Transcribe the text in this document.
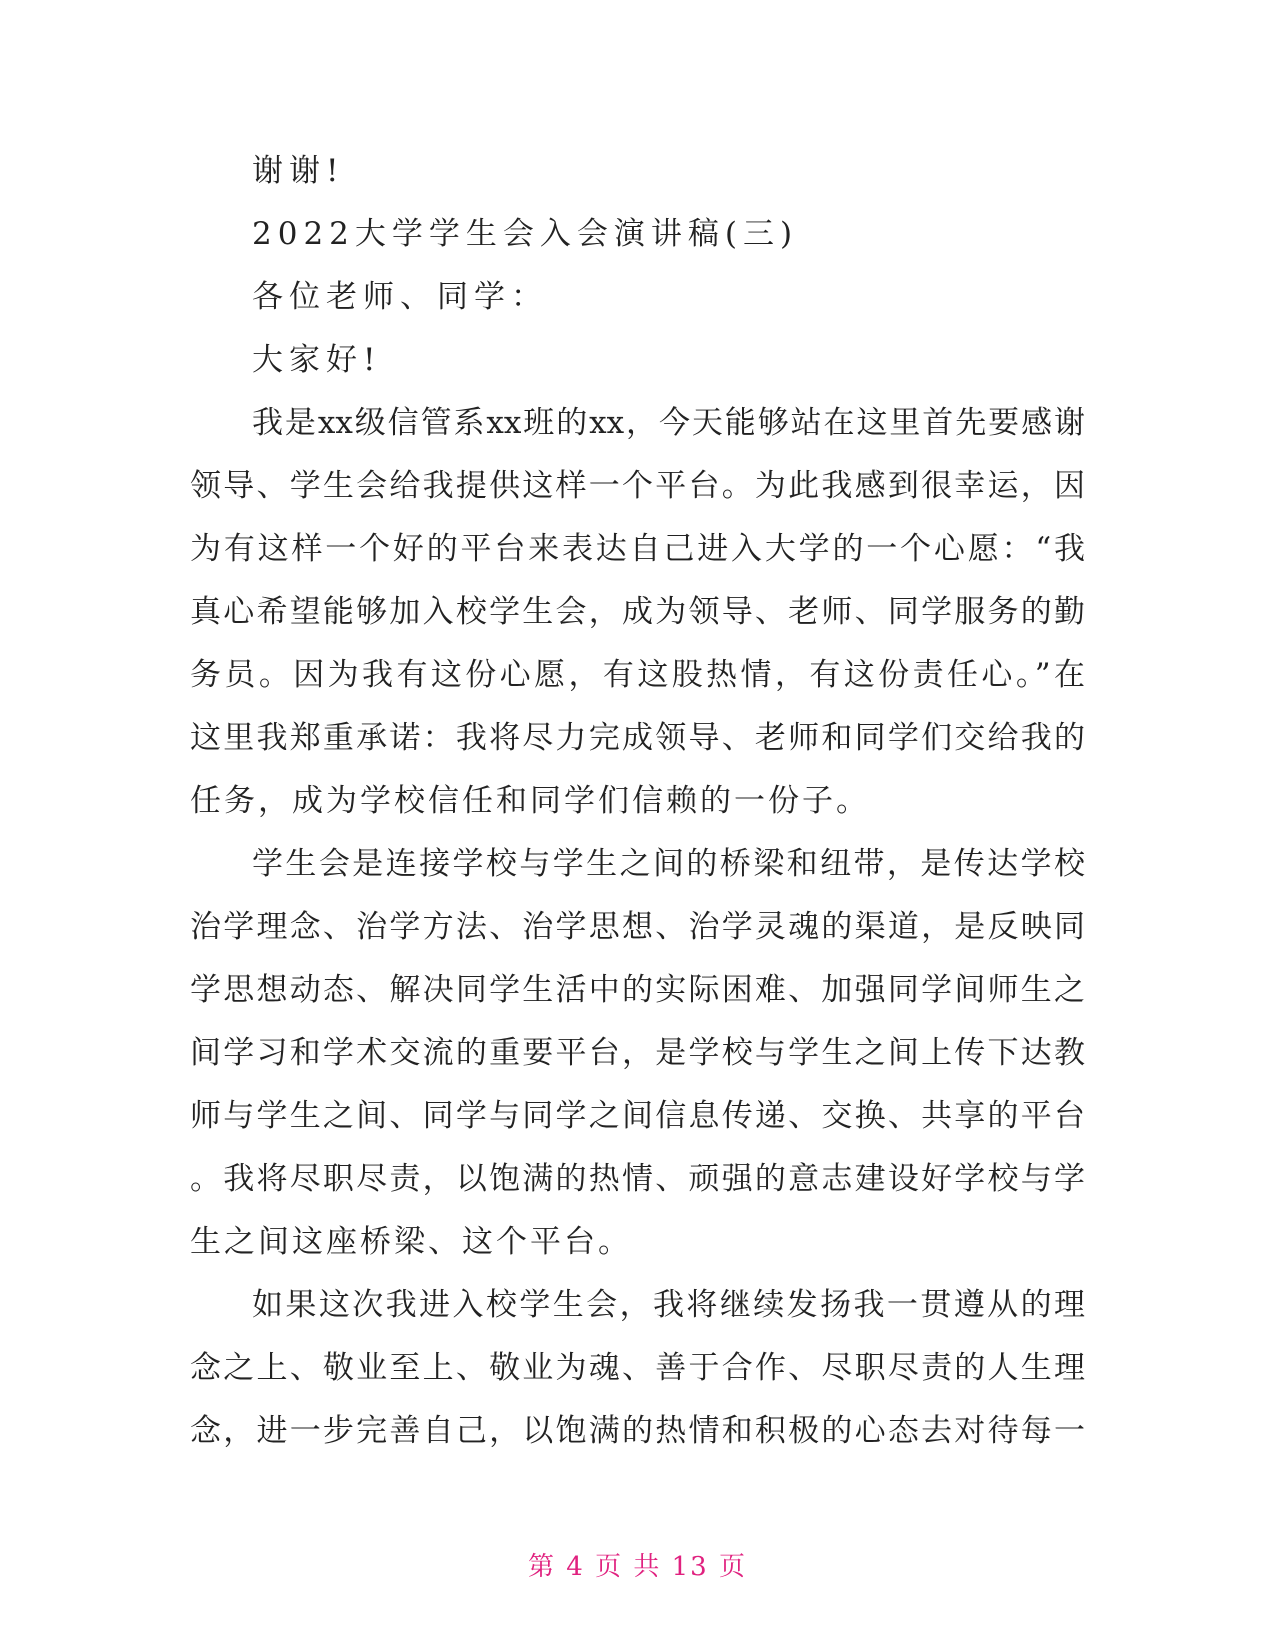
谢谢!
2022大学学生会入会演讲稿(三)
各位老师、同学：
大家好!
我是xx级信管系xx班的xx，今天能够站在这里首先要感谢
领导、学生会给我提供这样一个平台。为此我感到很幸运，因
为有这样一个好的平台来表达自己进入大学的一个心愿：“我
真心希望能够加入校学生会，成为领导、老师、同学服务的勤
务员。因为我有这份心愿，有这股热情，有这份责任心。”在
这里我郑重承诺：我将尽力完成领导、老师和同学们交给我的
任务，成为学校信任和同学们信赖的一份子。
学生会是连接学校与学生之间的桥梁和纽带，是传达学校
治学理念、治学方法、治学思想、治学灵魂的渠道，是反映同
学思想动态、解决同学生活中的实际困难、加强同学间师生之
间学习和学术交流的重要平台，是学校与学生之间上传下达教
师与学生之间、同学与同学之间信息传递、交换、共享的平台
。我将尽职尽责，以饱满的热情、顽强的意志建设好学校与学
生之间这座桥梁、这个平台。
如果这次我进入校学生会，我将继续发扬我一贯遵从的理
念之上、敬业至上、敬业为魂、善于合作、尽职尽责的人生理
念，进一步完善自己，以饱满的热情和积极的心态去对待每一
第 4 页 共 13 页
